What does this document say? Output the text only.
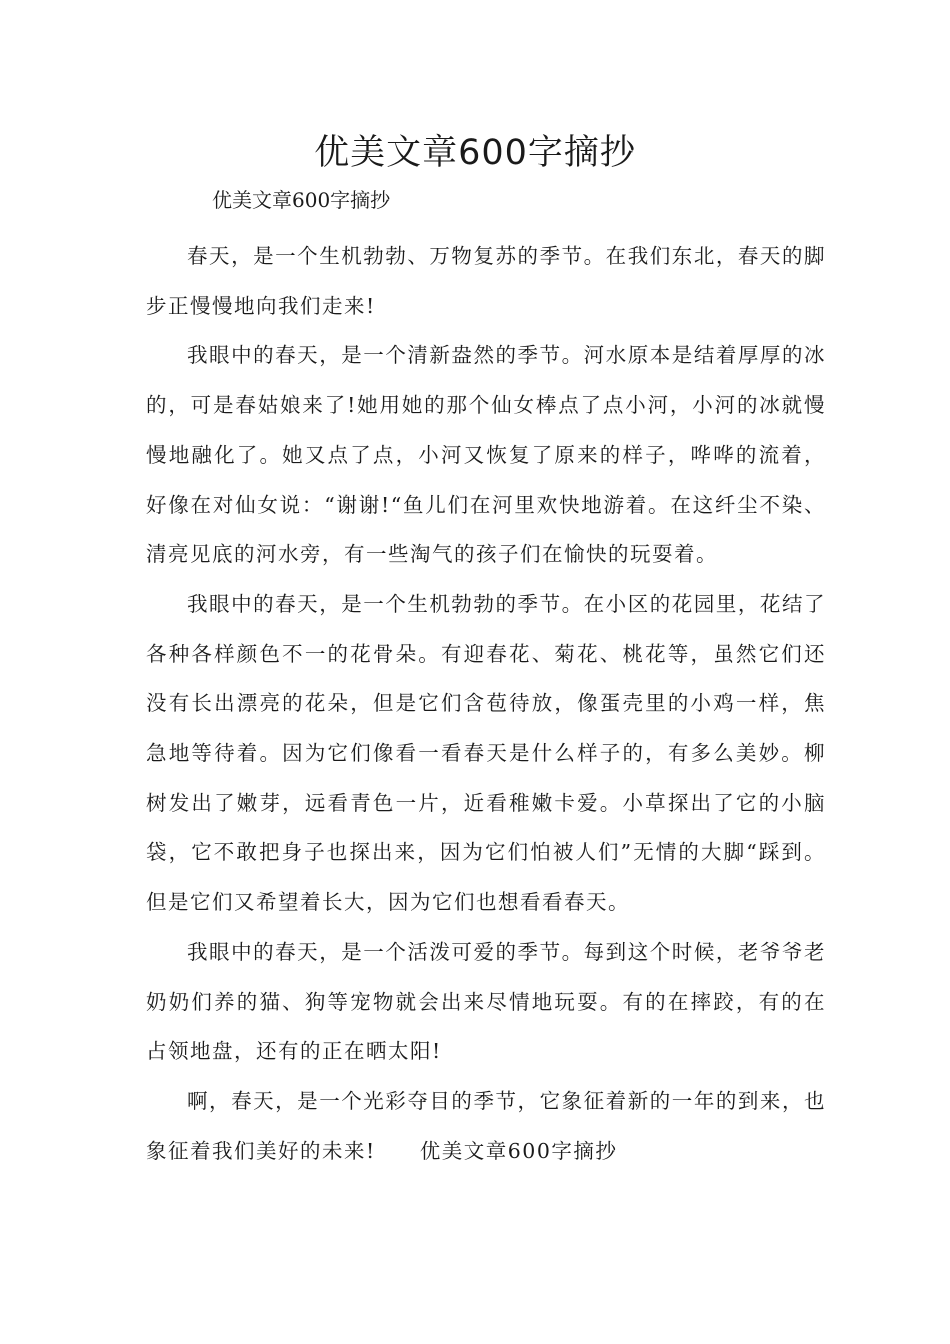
优美文章600字摘抄

优美文章600字摘抄

春天，是一个生机勃勃、万物复苏的季节。在我们东北，春天的脚步正慢慢地向我们走来!

我眼中的春天，是一个清新盎然的季节。河水原本是结着厚厚的冰的，可是春姑娘来了!她用她的那个仙女棒点了点小河，小河的冰就慢慢地融化了。她又点了点，小河又恢复了原来的样子，哗哗的流着，好像在对仙女说：“谢谢!“鱼儿们在河里欢快地游着。在这纤尘不染、清亮见底的河水旁，有一些淘气的孩子们在愉快的玩耍着。

我眼中的春天，是一个生机勃勃的季节。在小区的花园里，花结了各种各样颜色不一的花骨朵。有迎春花、菊花、桃花等，虽然它们还没有长出漂亮的花朵，但是它们含苞待放，像蛋壳里的小鸡一样，焦急地等待着。因为它们像看一看春天是什么样子的，有多么美妙。柳树发出了嫩芽，远看青色一片，近看稚嫩卡爱。小草探出了它的小脑袋，它不敢把身子也探出来，因为它们怕被人们”无情的大脚“踩到。但是它们又希望着长大，因为它们也想看看春天。

我眼中的春天，是一个活泼可爱的季节。每到这个时候，老爷爷老奶奶们养的猫、狗等宠物就会出来尽情地玩耍。有的在摔跤，有的在占领地盘，还有的正在晒太阳!

啊，春天，是一个光彩夺目的季节，它象征着新的一年的到来，也象征着我们美好的未来!　　优美文章600字摘抄
